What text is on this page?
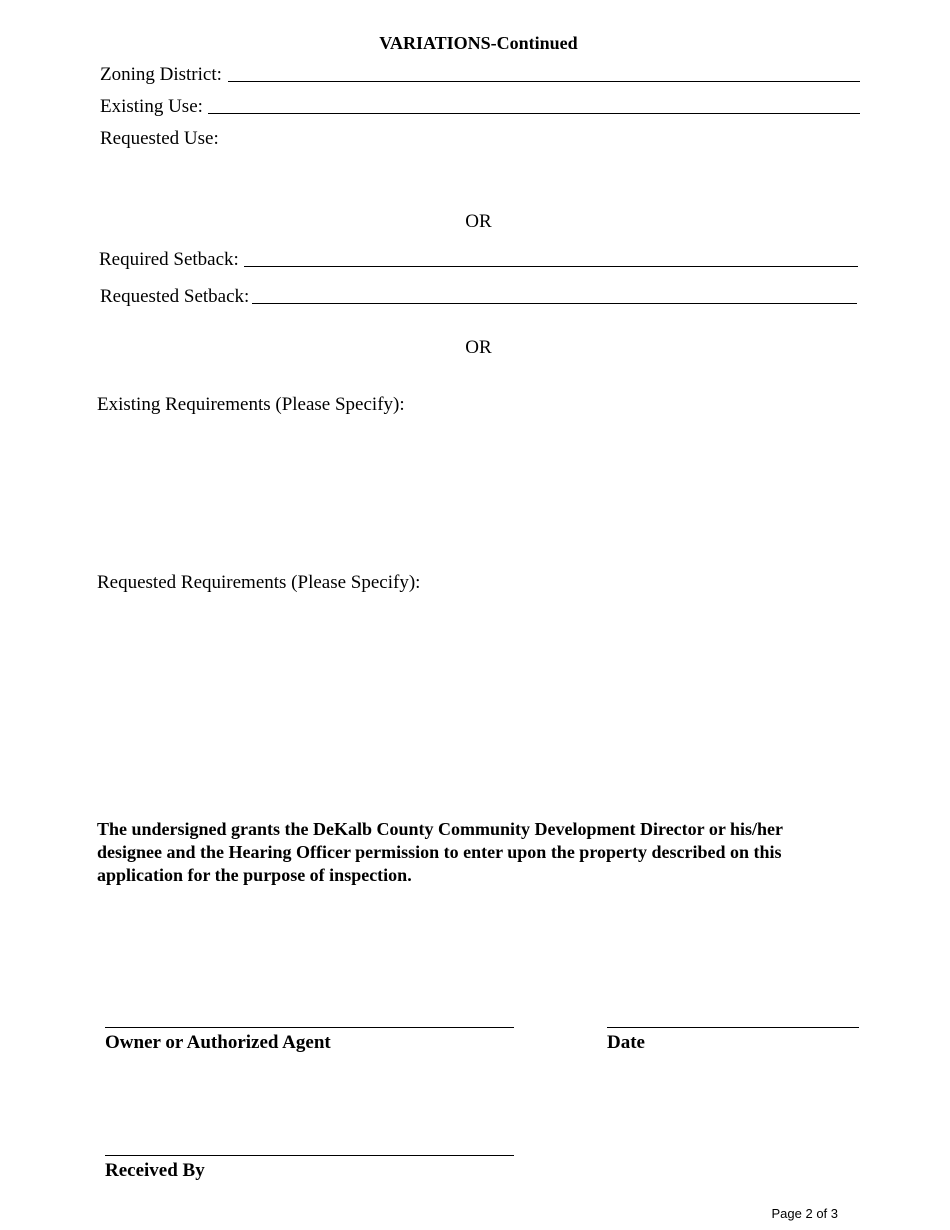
VARIATIONS-Continued
Zoning District:
Existing Use:
Requested Use:
OR
Required Setback:
Requested Setback:
OR
Existing Requirements (Please Specify):
Requested Requirements (Please Specify):
The undersigned grants the DeKalb County Community Development Director or his/her designee and the Hearing Officer permission to enter upon the property described on this application for the purpose of inspection.
Owner or Authorized Agent	Date
Received By
Page 2 of 3
